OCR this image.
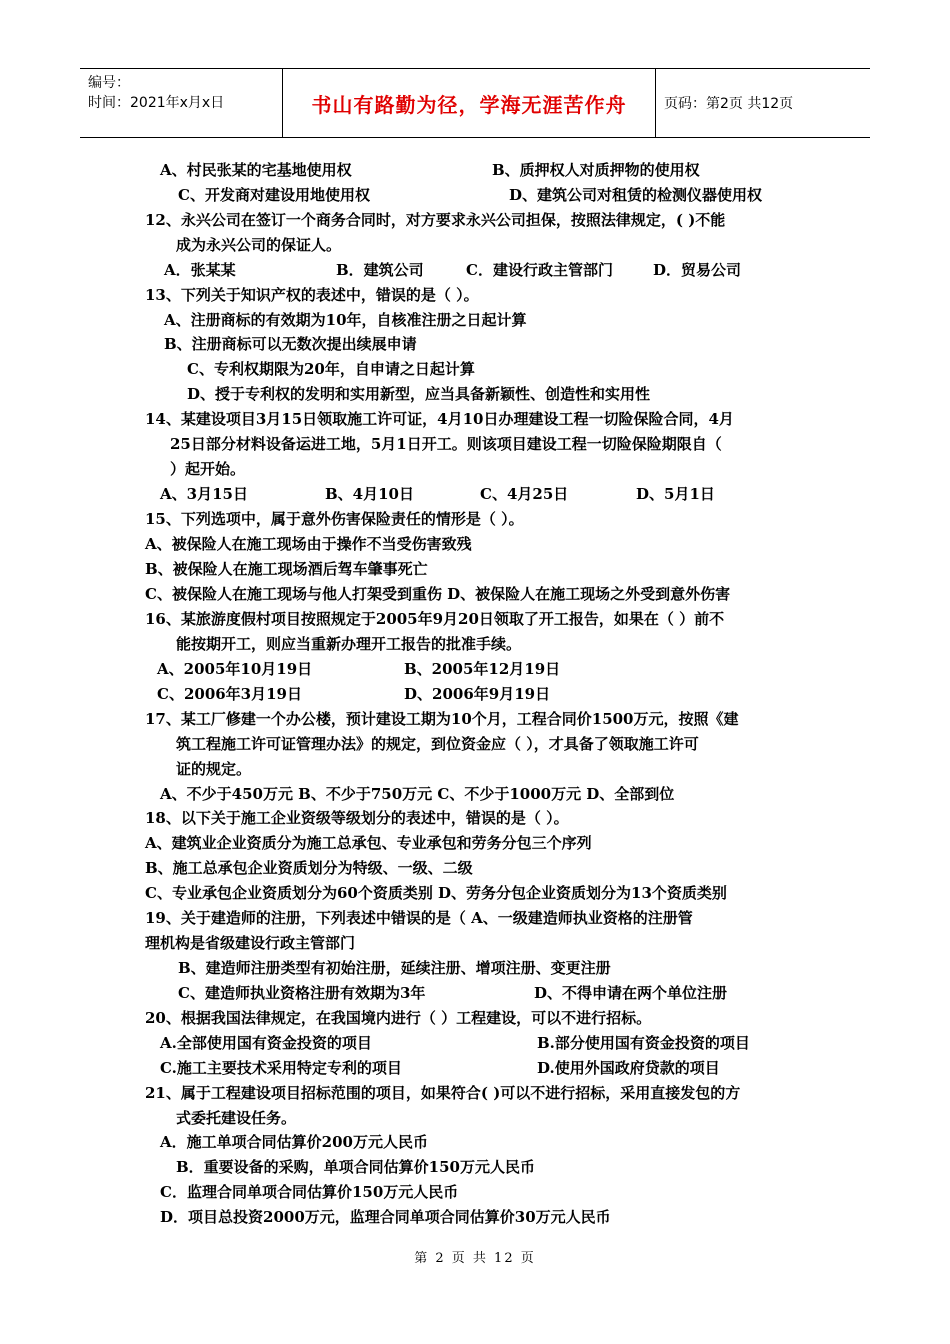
编号：
时间：2021年x月x日	书山有路勤为径，学海无涯苦作舟	页码：第2页 共12页
A、村民张某的宅基地使用权	B、质押权人对质押物的使用权
C、开发商对建设用地使用权	D、建筑公司对租赁的检测仪器使用权
12、永兴公司在签订一个商务合同时，对方要求永兴公司担保，按照法律规定，( )不能
成为永兴公司的保证人。
A．张某某	B．建筑公司	C．建设行政主管部门	D．贸易公司
13、下列关于知识产权的表述中，错误的是（ ）。
A、注册商标的有效期为10年，自核准注册之日起计算
B、注册商标可以无数次提出续展申请
C、专利权期限为20年，自申请之日起计算
D、授于专利权的发明和实用新型，应当具备新颖性、创造性和实用性
14、某建设项目3月15日领取施工许可证，4月10日办理建设工程一切险保险合同，4月
25日部分材料设备运进工地，5月1日开工。则该项目建设工程一切险保险期限自（
）起开始。
A、3月15日	B、4月10日	C、4月25日	D、5月1日
15、下列选项中，属于意外伤害保险责任的情形是（ ）。
A、被保险人在施工现场由于操作不当受伤害致残
B、被保险人在施工现场酒后驾车肇事死亡
C、被保险人在施工现场与他人打架受到重伤 D、被保险人在施工现场之外受到意外伤害
16、某旅游度假村项目按照规定于2005年9月20日领取了开工报告，如果在（ ）前不
能按期开工，则应当重新办理开工报告的批准手续。
A、2005年10月19日	B、2005年12月19日
C、2006年3月19日	D、2006年9月19日
17、某工厂修建一个办公楼，预计建设工期为10个月，工程合同价1500万元，按照《建
筑工程施工许可证管理办法》的规定，到位资金应（ ），才具备了领取施工许可
证的规定。
A、不少于450万元 B、不少于750万元 C、不少于1000万元 D、全部到位
18、以下关于施工企业资级等级划分的表述中，错误的是（ ）。
A、建筑业企业资质分为施工总承包、专业承包和劳务分包三个序列
B、施工总承包企业资质划分为特级、一级、二级
C、专业承包企业资质划分为60个资质类别 D、劳务分包企业资质划分为13个资质类别
19、关于建造师的注册，下列表述中错误的是（ A、一级建造师执业资格的注册管
理机构是省级建设行政主管部门
B、建造师注册类型有初始注册，延续注册、增项注册、变更注册
C、建造师执业资格注册有效期为3年	D、不得申请在两个单位注册
20、根据我国法律规定，在我国境内进行（ ）工程建设，可以不进行招标。
A.全部使用国有资金投资的项目	B.部分使用国有资金投资的项目
C.施工主要技术采用特定专利的项目	D.使用外国政府贷款的项目
21、属于工程建设项目招标范围的项目，如果符合( )可以不进行招标，采用直接发包的方
式委托建设任务。
A．施工单项合同估算价200万元人民币
B．重要设备的采购，单项合同估算价150万元人民币
C．监理合同单项合同估算价150万元人民币
D．项目总投资2000万元，监理合同单项合同估算价30万元人民币
第 2 页 共 12 页
